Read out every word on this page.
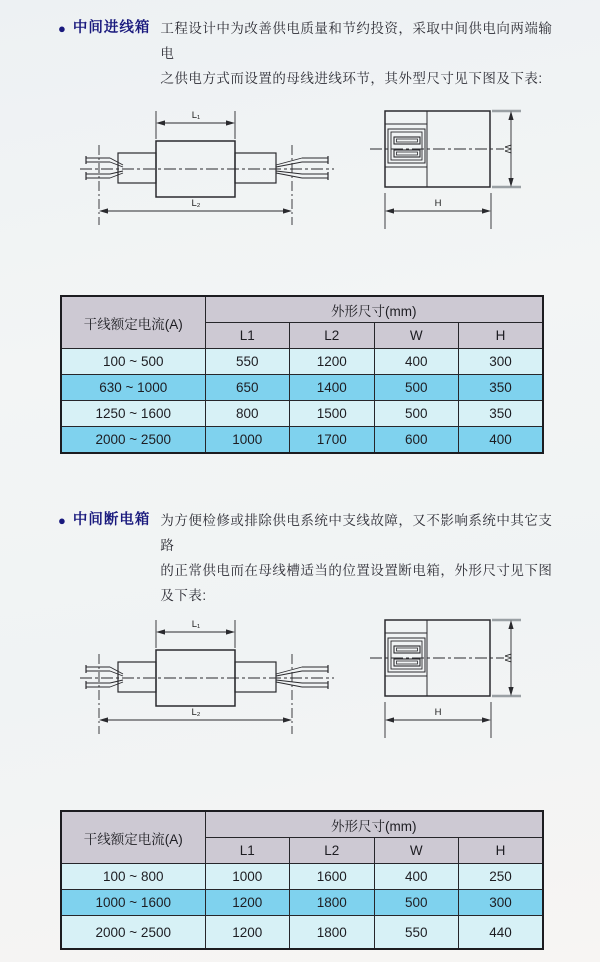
● 中间进线箱 工程设计中为改善供电质量和节约投资，采取中间供电向两端输电
之供电方式而设置的母线进线环节，其外型尺寸见下图及下表:
L₁
L₂
W
H
干线额定电流(A)	外形尺寸(mm)			
	L1	L2	W	H
100 ~ 500	550	1200	400	300
630 ~ 1000	650	1400	500	350
1250 ~ 1600	800	1500	500	350
2000 ~ 2500	1000	1700	600	400
● 中间断电箱 为方便检修或排除供电系统中支线故障，又不影响系统中其它支路
的正常供电而在母线槽适当的位置设置断电箱，外形尺寸见下图及下表:
L₁
L₂
W
H
干线额定电流(A)	外形尺寸(mm)			
	L1	L2	W	H
100 ~ 800	1000	1600	400	250
1000 ~ 1600	1200	1800	500	300
2000 ~ 2500	1200	1800	550	440
